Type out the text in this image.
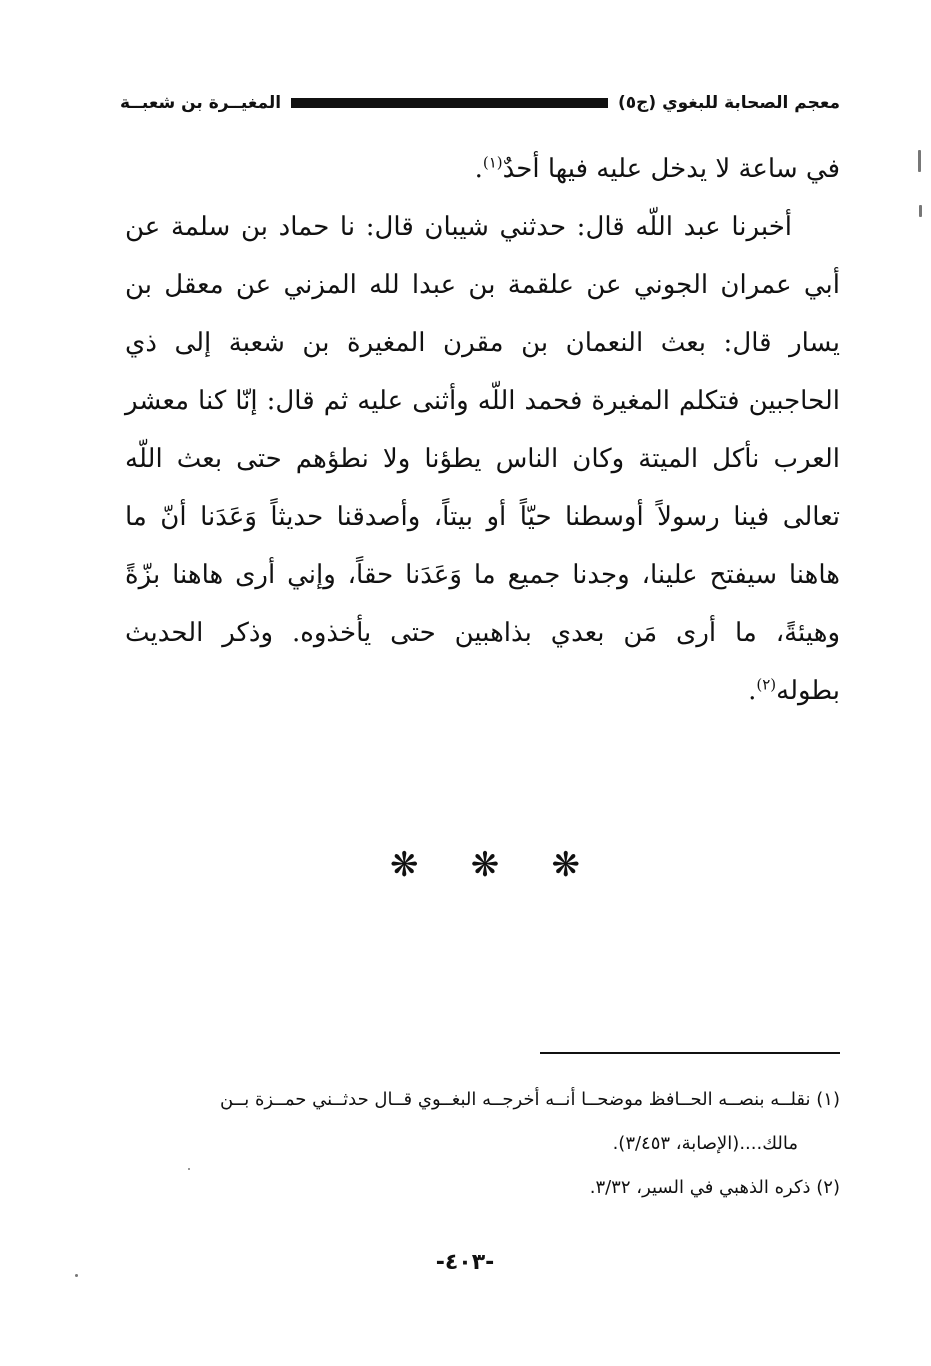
معجم الصحابة للبغوي (ج٥)
المغيــرة بن شعبــة

في ساعة لا يدخل عليه فيها أحدٌ$^{(١)}$.

أخبرنا عبد اللّه قال: حدثني شيبان قال: نا حماد بن سلمة عن أبي عمران الجوني عن علقمة بن عبدا لله المزني عن معقل بن يسار قال: بعث النعمان بن مقرن المغيرة بن شعبة إلى ذي الحاجبين فتكلم المغيرة فحمد اللّه وأثنى عليه ثم قال: إنّا كنا معشر العرب نأكل الميتة وكان الناس يطؤنا ولا نطؤهم حتى بعث اللّه تعالى فينا رسولاً أوسطنا حيّاً أو بيتاً، وأصدقنا حديثاً وَعَدَنا أنّ ما هاهنا سيفتح علينا، وجدنا جميع ما وَعَدَنا حقاً، وإني أرى هاهنا بزّةً وهيئةً، ما أرى مَن بعدي بذاهبين حتى يأخذوه. وذكر الحديث بطوله$^{(٢)}$.

❋
❋
❋

(١) نقلــه بنصــه الحــافظ موضحــا أنــه أخرجــه البغــوي قــال حدثــني حمــزة بــن

مالك....(الإصابة، ٣/٤٥٣).

(٢) ذكره الذهبي في السير، ٣/٣٢.

-٤٠٣-
